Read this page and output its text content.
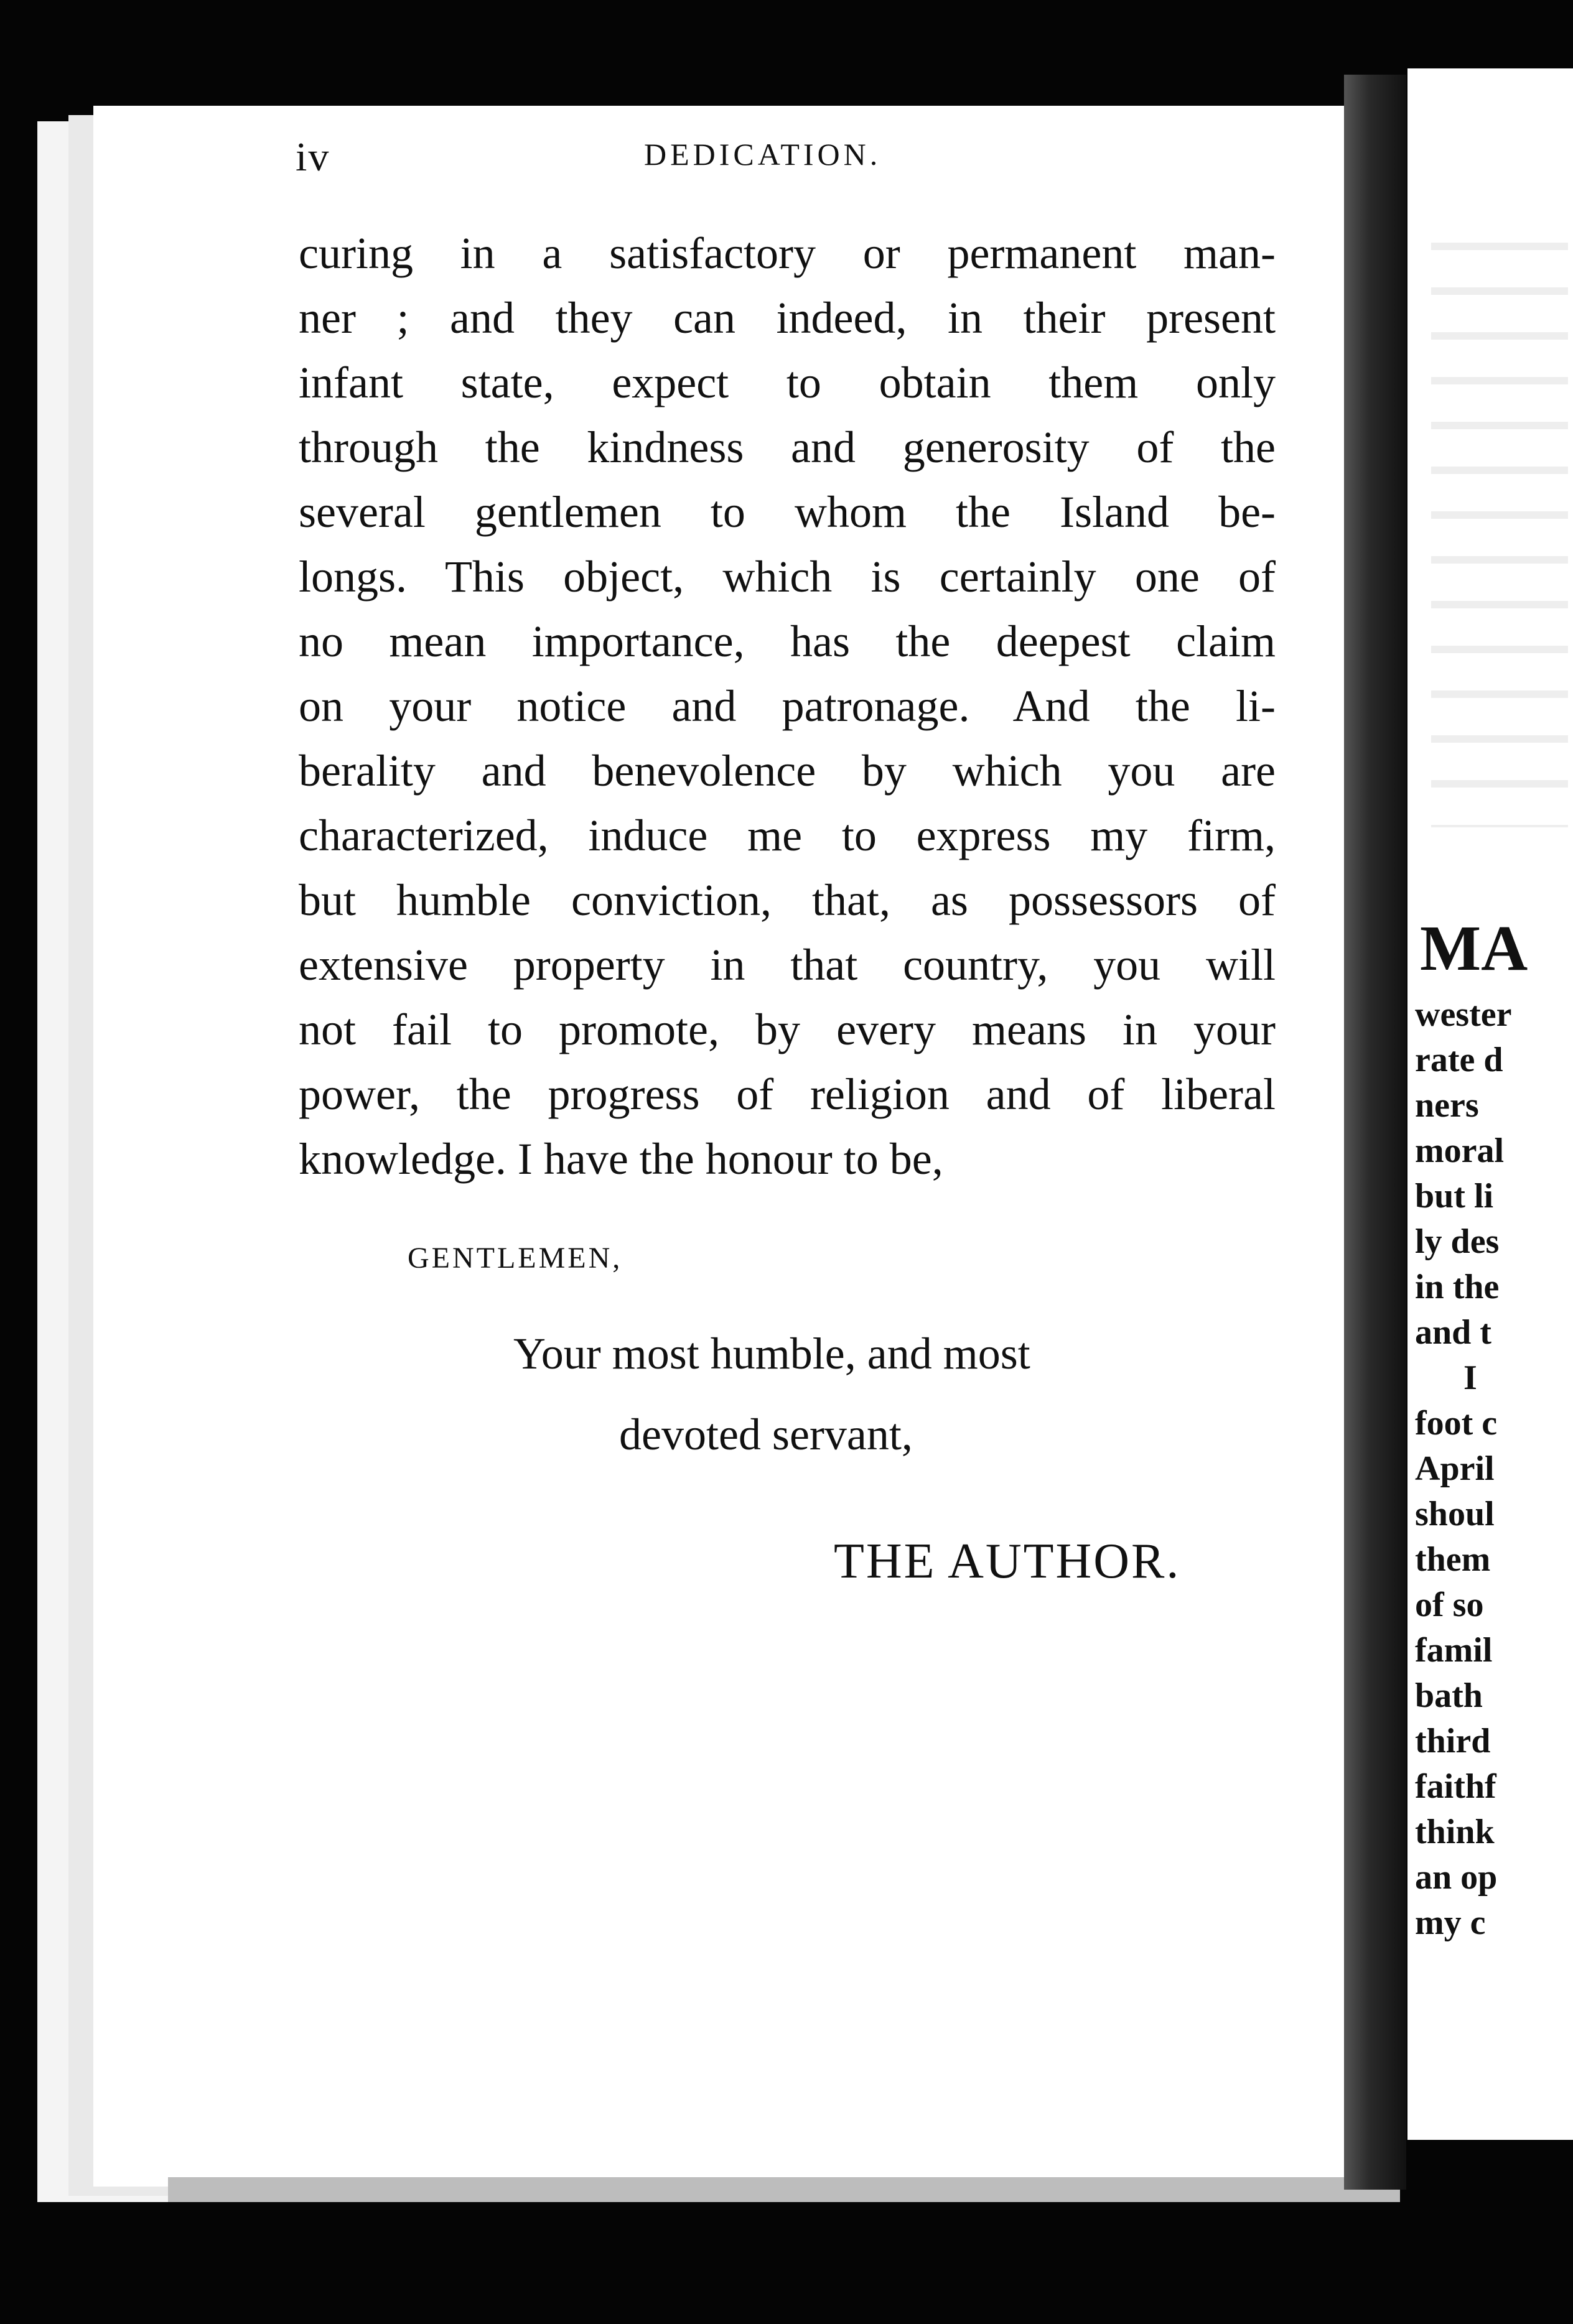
MA
wester
rate d
ners
moral
but li
ly des
in the
and t
I
foot c
April
shoul
them
of so
famil
bath
third
faithf
think
an op
my c
iv	DEDICATION.
curing in a satisfactory or permanent man-
ner ; and they can indeed, in their present
infant state, expect to obtain them only
through the kindness and generosity of the
several gentlemen to whom the Island be-
longs. This object, which is certainly one of
no mean importance, has the deepest claim
on your notice and patronage. And the li-
berality and benevolence by which you are
characterized, induce me to express my firm,
but humble conviction, that, as possessors of
extensive property in that country, you will
not fail to promote, by every means in your
power, the progress of religion and of liberal
knowledge. I have the honour to be,
GENTLEMEN,
Your most humble, and most
devoted servant,
THE AUTHOR.
